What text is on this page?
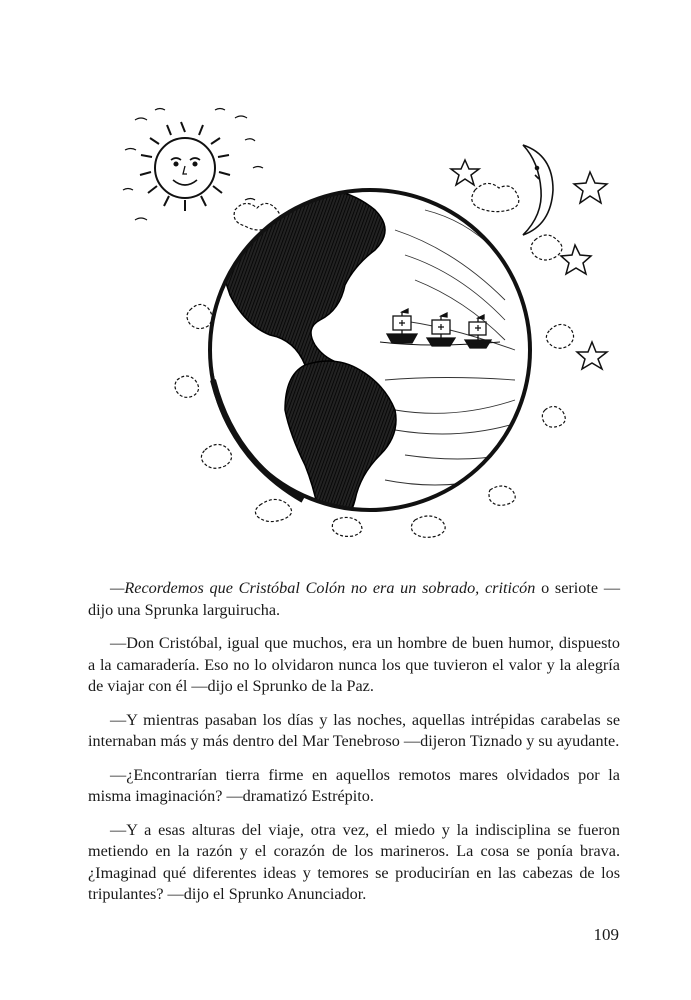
—Recordemos que Cristóbal Colón no era un sobrado, criticón o seriote —dijo una Sprunka larguirucha.

—Don Cristóbal, igual que muchos, era un hombre de buen humor, dispuesto a la camaradería. Eso no lo olvidaron nunca los que tuvieron el valor y la alegría de viajar con él —dijo el Sprunko de la Paz.

—Y mientras pasaban los días y las noches, aquellas intrépidas carabelas se internaban más y más dentro del Mar Tenebroso —dijeron Tiznado y su ayudante.

—¿Encontrarían tierra firme en aquellos remotos mares olvidados por la misma imaginación? —dramatizó Estrépito.

—Y a esas alturas del viaje, otra vez, el miedo y la indisciplina se fueron metiendo en la razón y el corazón de los marineros. La cosa se ponía brava. ¿Imaginad qué diferentes ideas y temores se producirían en las cabezas de los tripulantes? —dijo el Sprunko Anunciador.

109
